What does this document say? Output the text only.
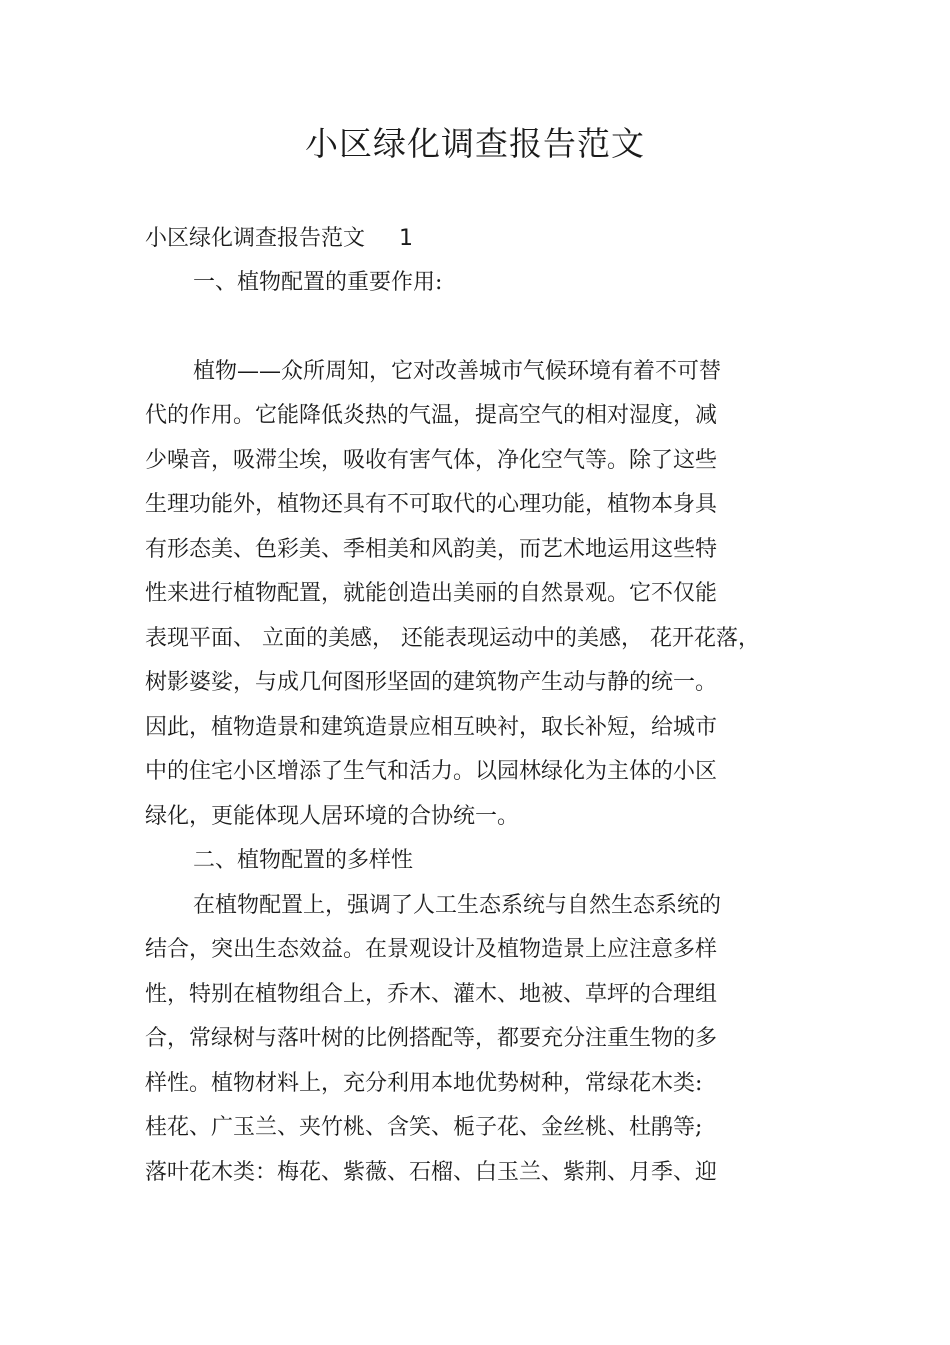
小区绿化调查报告范文
小区绿化调查报告范文 1
一、植物配置的重要作用:
植物——众所周知，它对改善城市气候环境有着不可替
代的作用。它能降低炎热的气温，提高空气的相对湿度，减
少噪音，吸滞尘埃，吸收有害气体，净化空气等。除了这些
生理功能外，植物还具有不可取代的心理功能，植物本身具
有形态美、色彩美、季相美和风韵美，而艺术地运用这些特
性来进行植物配置，就能创造出美丽的自然景观。它不仅能
表现平面、 立面的美感， 还能表现运动中的美感， 花开花落，
树影婆娑，与成几何图形坚固的建筑物产生动与静的统一。
因此，植物造景和建筑造景应相互映衬，取长补短，给城市
中的住宅小区增添了生气和活力。以园林绿化为主体的小区
绿化，更能体现人居环境的合协统一。
二、植物配置的多样性
在植物配置上，强调了人工生态系统与自然生态系统的
结合，突出生态效益。在景观设计及植物造景上应注意多样
性，特别在植物组合上，乔木、灌木、地被、草坪的合理组
合，常绿树与落叶树的比例搭配等，都要充分注重生物的多
样性。植物材料上，充分利用本地优势树种，常绿花木类:
桂花、广玉兰、夹竹桃、含笑、栀子花、金丝桃、杜鹃等;
落叶花木类：梅花、紫薇、石榴、白玉兰、紫荆、月季、迎
